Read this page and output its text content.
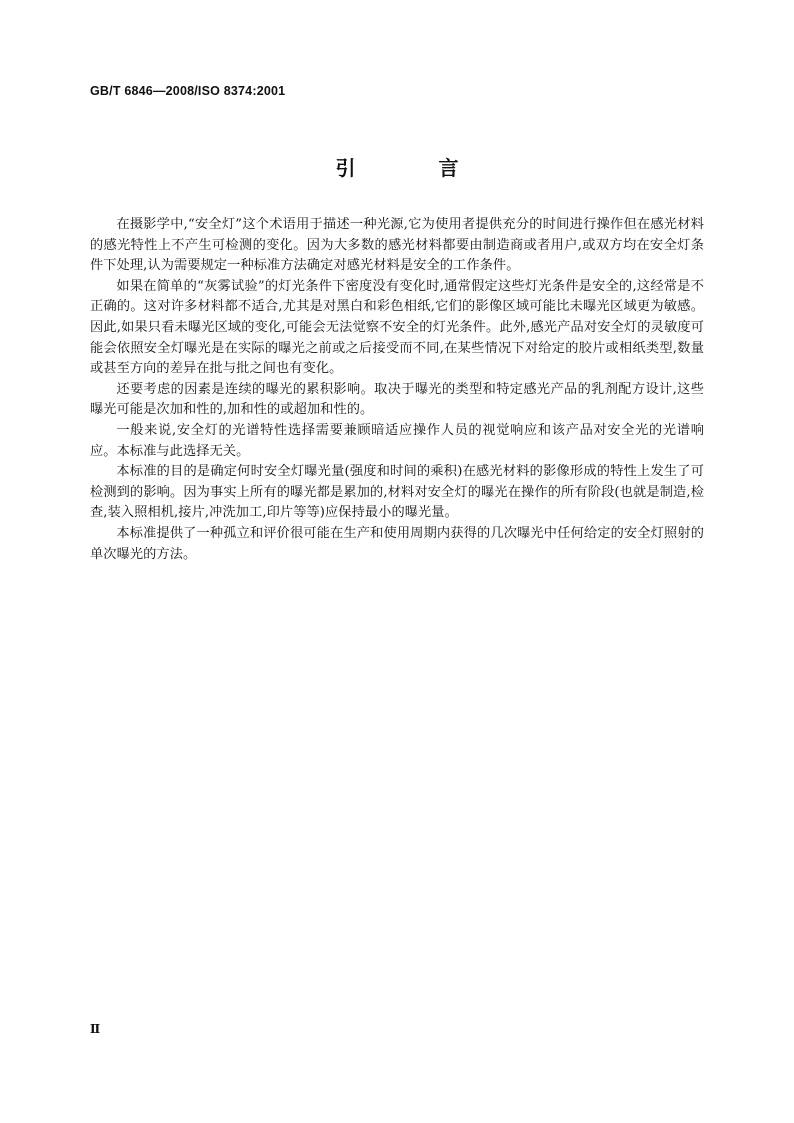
GB/T 6846—2008/ISO 8374:2001
引 言

在摄影学中,“安全灯”这个术语用于描述一种光源,它为使用者提供充分的时间进行操作但在感光材料的感光特性上不产生可检测的变化。因为大多数的感光材料都要由制造商或者用户,或双方均在安全灯条件下处理,认为需要规定一种标准方法确定对感光材料是安全的工作条件。

如果在简单的“灰雾试验”的灯光条件下密度没有变化时,通常假定这些灯光条件是安全的,这经常是不正确的。这对许多材料都不适合,尤其是对黑白和彩色相纸,它们的影像区域可能比未曝光区域更为敏感。因此,如果只看未曝光区域的变化,可能会无法觉察不安全的灯光条件。此外,感光产品对安全灯的灵敏度可能会依照安全灯曝光是在实际的曝光之前或之后接受而不同,在某些情况下对给定的胶片或相纸类型,数量或甚至方向的差异在批与批之间也有变化。

还要考虑的因素是连续的曝光的累积影响。取决于曝光的类型和特定感光产品的乳剂配方设计,这些曝光可能是次加和性的,加和性的或超加和性的。

一般来说,安全灯的光谱特性选择需要兼顾暗适应操作人员的视觉响应和该产品对安全光的光谱响应。本标准与此选择无关。

本标准的目的是确定何时安全灯曝光量(强度和时间的乘积)在感光材料的影像形成的特性上发生了可检测到的影响。因为事实上所有的曝光都是累加的,材料对安全灯的曝光在操作的所有阶段(也就是制造,检查,装入照相机,接片,冲洗加工,印片等等)应保持最小的曝光量。

本标准提供了一种孤立和评价很可能在生产和使用周期内获得的几次曝光中任何给定的安全灯照射的单次曝光的方法。

Ⅱ
